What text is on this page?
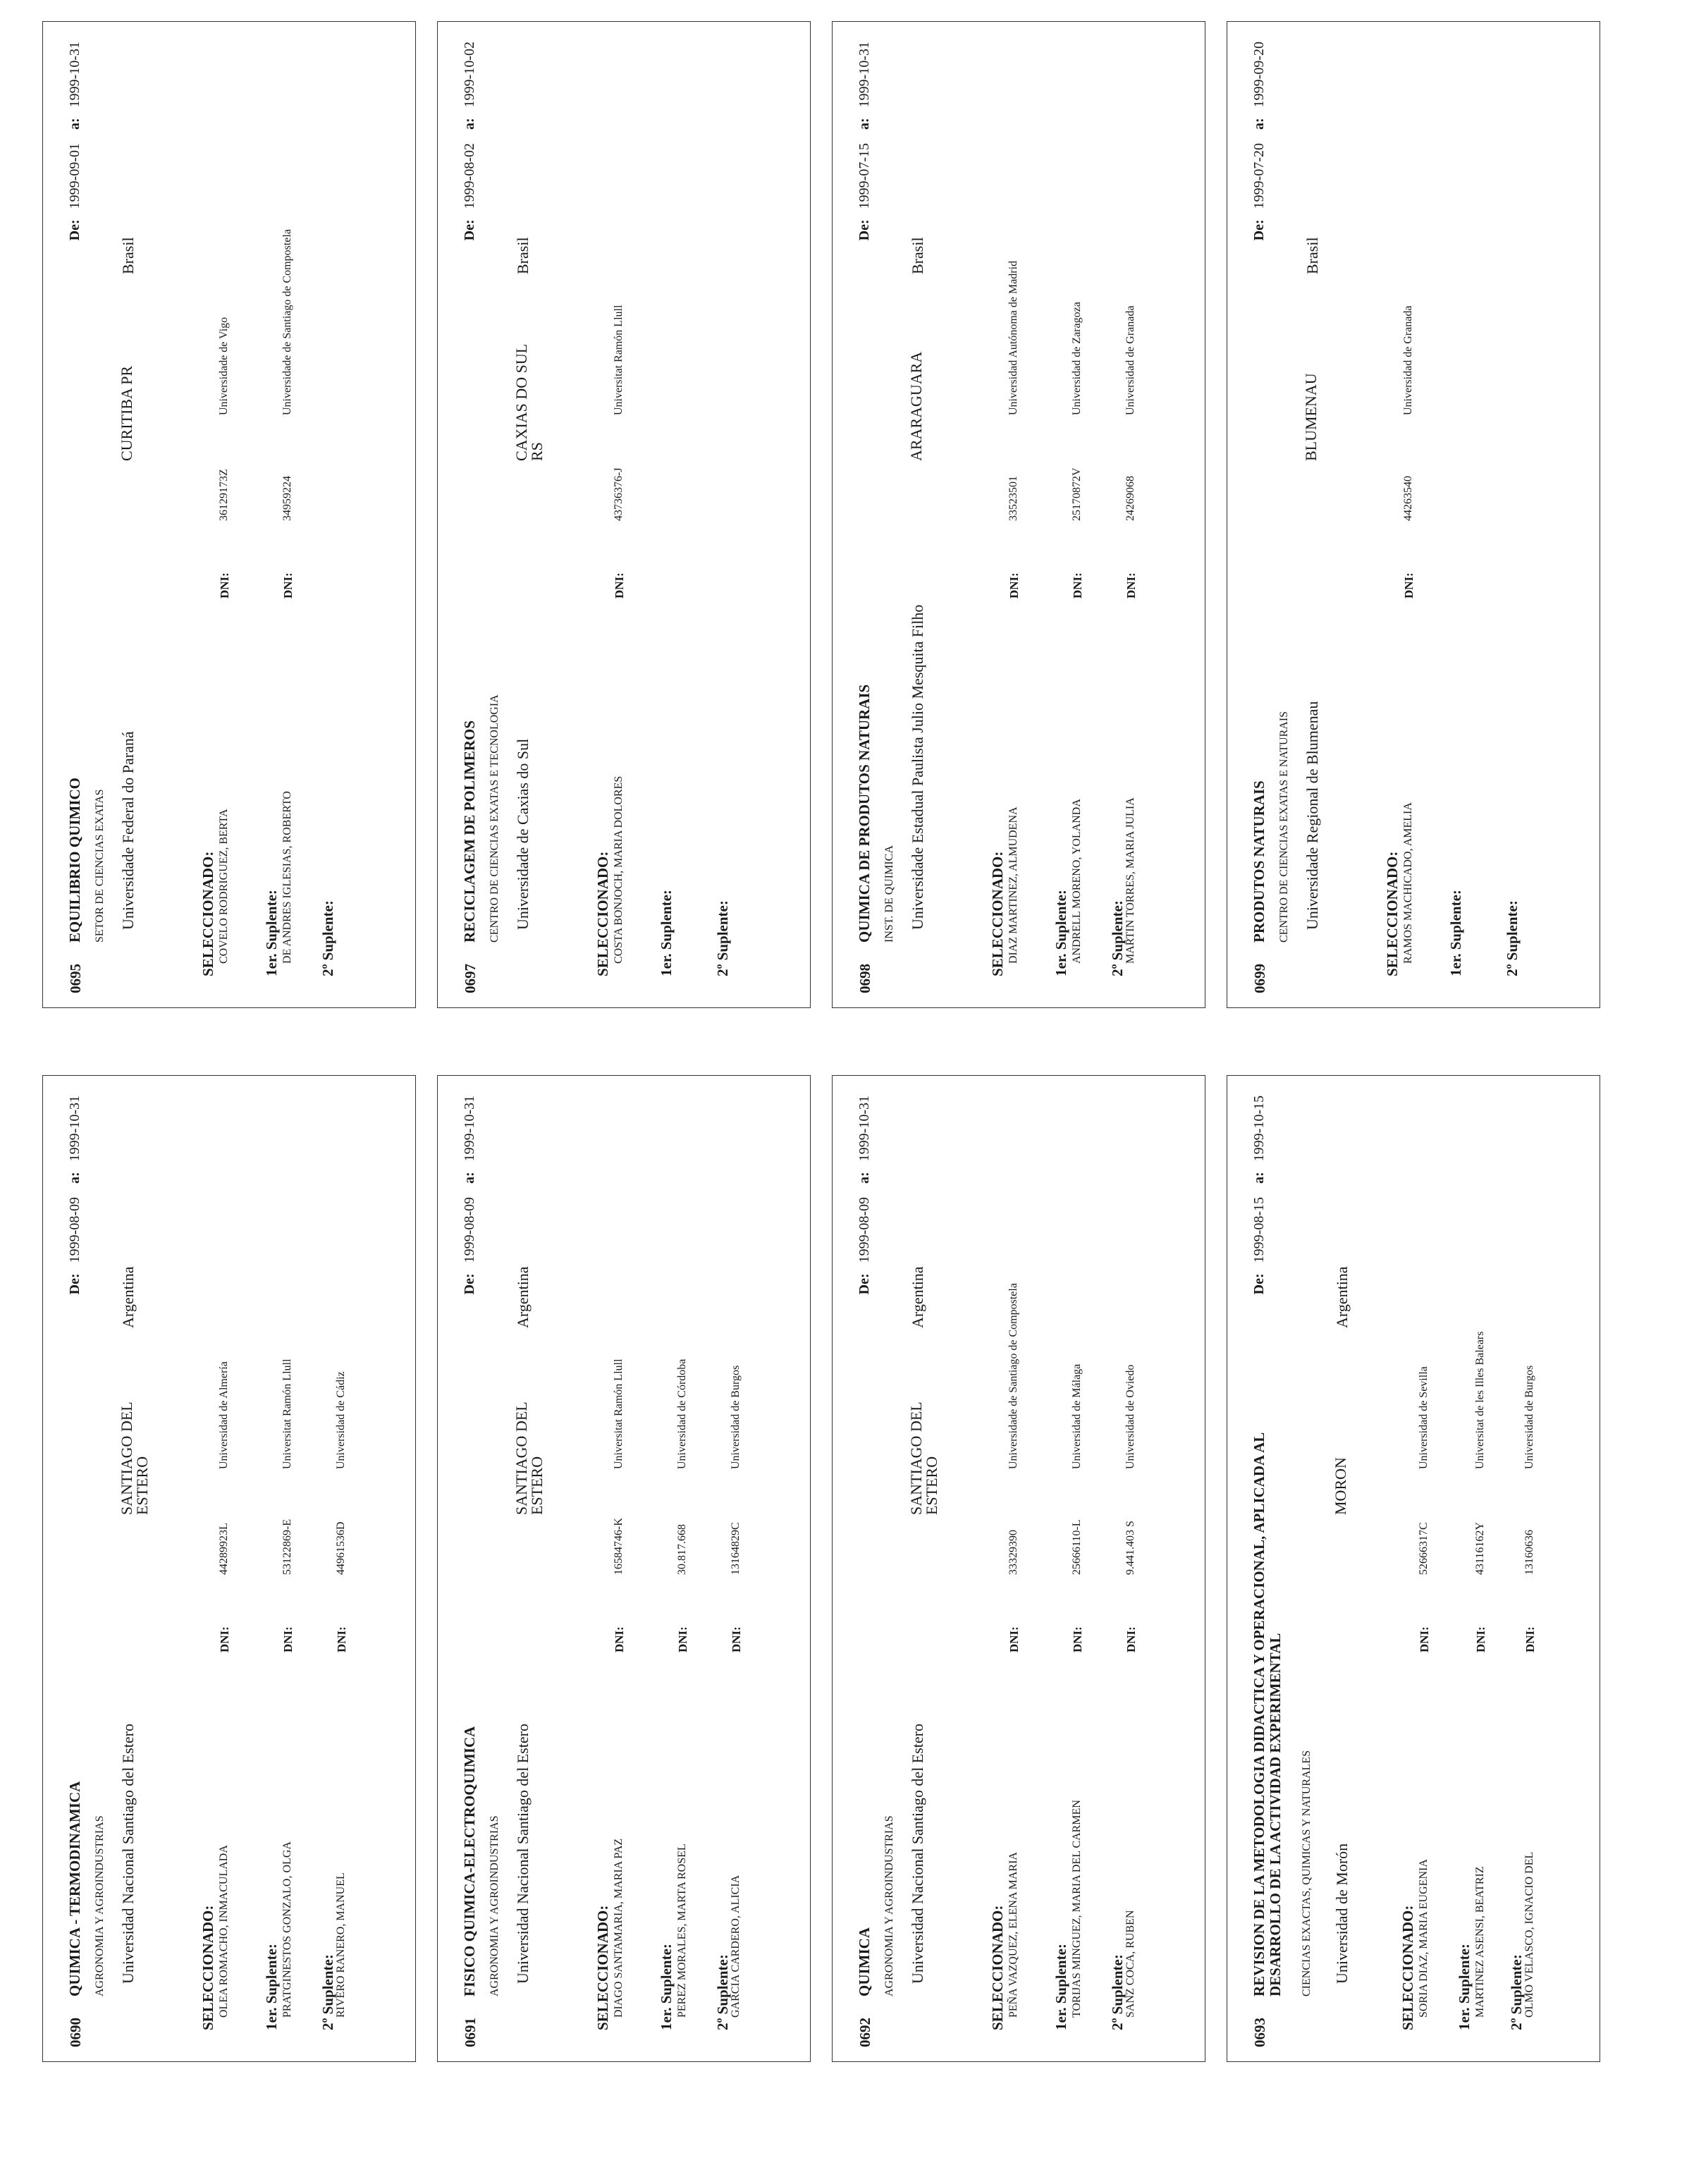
0690
QUIMICA - TERMODINAMICA
De: 1999-08-09 a: 1999-10-31
AGRONOMIA Y AGROINDUSTRIAS Universidad Nacional Santiago del Estero
SANTIAGO DEL ESTERO
Argentina
SELECCIONADO: OLEA ROMACHO, INMACULADA
DNI:
44289923L
Universidad de Almería
1er. Suplente: PRATGINESTOS GONZALO, OLGA
DNI:
53122869-E
Universitat Ramón Llull
2º Suplente:
RIVERO RANERO, MANUEL
DNI:
44961536D
Universidad de Cádiz
0691
FISICO QUIMICA-ELECTROQUIMICA
De: 1999-08-09 a: 1999-10-31
AGRONOMIA Y AGROINDUSTRIAS Universidad Nacional Santiago del Estero
SANTIAGO DEL ESTERO
Argentina
SELECCIONADO: DIAGO SANTAMARIA, MARIA PAZ
DNI:
16584746-K
Universitat Ramón Llull
1er. Suplente: PEREZ MORALES, MARTA ROSEL
DNI:
30.817.668
Universidad de Córdoba
2º Suplente:
GARCIA CARDERO, ALICIA
DNI:
13164829C
Universidad de Burgos
0692
QUIMICA
De: 1999-08-09 a: 1999-10-31
AGRONOMIA Y AGROINDUSTRIAS Universidad Nacional Santiago del Estero
SANTIAGO DEL ESTERO
Argentina
SELECCIONADO: PEÑA VAZQUEZ, ELENA MARIA
DNI:
33329390
Universidade de Santiago de Compostela
1er. Suplente: TORIJAS MINGUEZ, MARIA DEL CARMEN
DNI:
25666110-L
Universidad de Málaga
2º Suplente:
SANZ COCA, RUBEN
DNI:
9.441.403 S
Universidad de Oviedo
0693
REVISION DE LA METODOLOGIA DIDACTICA Y OPERACIONAL, APLICADA AL DESARROLLO DE LA ACTIVIDAD EXPERIMENTAL
De: 1999-08-15 a: 1999-10-15
CIENCIAS EXACTAS, QUIMICAS Y NATURALES Universidad de Morón
MORON
Argentina
SELECCIONADO: SORIA DIAZ, MARIA EUGENIA
DNI:
52666317C
Universidad de Sevilla
1er. Suplente: MARTINEZ ASENSI, BEATRIZ
DNI:
43116162Y
Universitat de les Illes Balears
2º Suplente:
OLMO VELASCO, IGNACIO DEL
DNI:
13160636
Universidad de Burgos
0695
EQUILIBRIO QUIMICO
De: 1999-09-01 a: 1999-10-31
SETOR DE CIENCIAS EXATAS Universidade Federal do Paraná
CURITIBA PR
Brasil
SELECCIONADO: COVELO RODRIGUEZ, BERTA
DNI:
36129173Z
Universidade de Vigo
1er. Suplente: DE ANDRES IGLESIAS, ROBERTO
DNI:
34959224
Universidade de Santiago de Compostela
2º Suplente:
0697
RECICLAGEM DE POLIMEROS
De: 1999-08-02 a: 1999-10-02
CENTRO DE CIENCIAS EXATAS E TECNOLOGIA Universidade de Caxias do Sul
CAXIAS DO SUL RS
Brasil
SELECCIONADO: COSTA BONJOCH, MARIA DOLORES
DNI:
43736376-J
Universitat Ramón Llull
1er. Suplente:	2º Suplente:
0698
QUIMICA DE PRODUTOS NATURAIS
De: 1999-07-15 a: 1999-10-31
INST. DE QUIMICA Universidade Estadual Paulista Julio Mesquita Filho
ARARAGUARA
Brasil
SELECCIONADO: DIAZ MARTINEZ, ALMUDENA
DNI:
33523501
Universidad Autónoma de Madrid
1er. Suplente: ANDRELL MORENO, YOLANDA
DNI:
25170872V
Universidad de Zaragoza
2º Suplente:
MARTIN TORRES, MARIA JULIA
DNI:
24269068
Universidad de Granada
0699
PRODUTOS NATURAIS
De: 1999-07-20 a: 1999-09-20
CENTRO DE CIENCIAS EXATAS E NATURAIS Universidade Regional de Blumenau
BLUMENAU
Brasil
SELECCIONADO: RAMOS MACHICADO, AMELIA
DNI:
44263540
Universidad de Granada
1er. Suplente:	2º Suplente:
